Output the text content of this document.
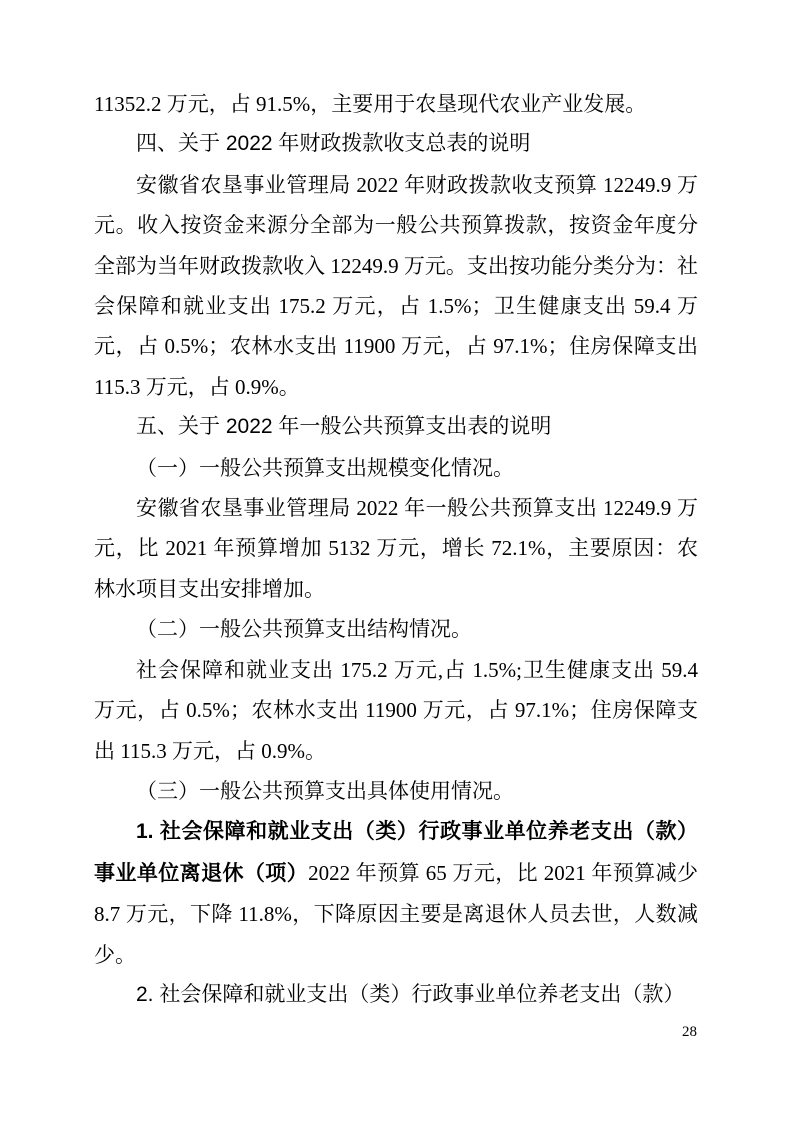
11352.2 万元，占 91.5%，主要用于农垦现代农业产业发展。

四、关于 2022 年财政拨款收支总表的说明

安徽省农垦事业管理局 2022 年财政拨款收支预算 12249.9 万元。收入按资金来源分全部为一般公共预算拨款，按资金年度分全部为当年财政拨款收入 12249.9 万元。支出按功能分类分为：社会保障和就业支出 175.2 万元，占 1.5%；卫生健康支出 59.4 万元，占 0.5%；农林水支出 11900 万元，占 97.1%；住房保障支出 115.3 万元，占 0.9%。

五、关于 2022 年一般公共预算支出表的说明
（一）一般公共预算支出规模变化情况。

安徽省农垦事业管理局 2022 年一般公共预算支出 12249.9 万元，比 2021 年预算增加 5132 万元，增长 72.1%，主要原因：农林水项目支出安排增加。

（二）一般公共预算支出结构情况。

社会保障和就业支出 175.2 万元,占 1.5%;卫生健康支出 59.4 万元，占 0.5%；农林水支出 11900 万元，占 97.1%；住房保障支出 115.3 万元，占 0.9%。

（三）一般公共预算支出具体使用情况。

1. 社会保障和就业支出（类）行政事业单位养老支出（款）事业单位离退休（项）2022 年预算 65 万元，比 2021 年预算减少 8.7 万元，下降 11.8%，下降原因主要是离退休人员去世，人数减少。

2. 社会保障和就业支出（类）行政事业单位养老支出（款）

28
